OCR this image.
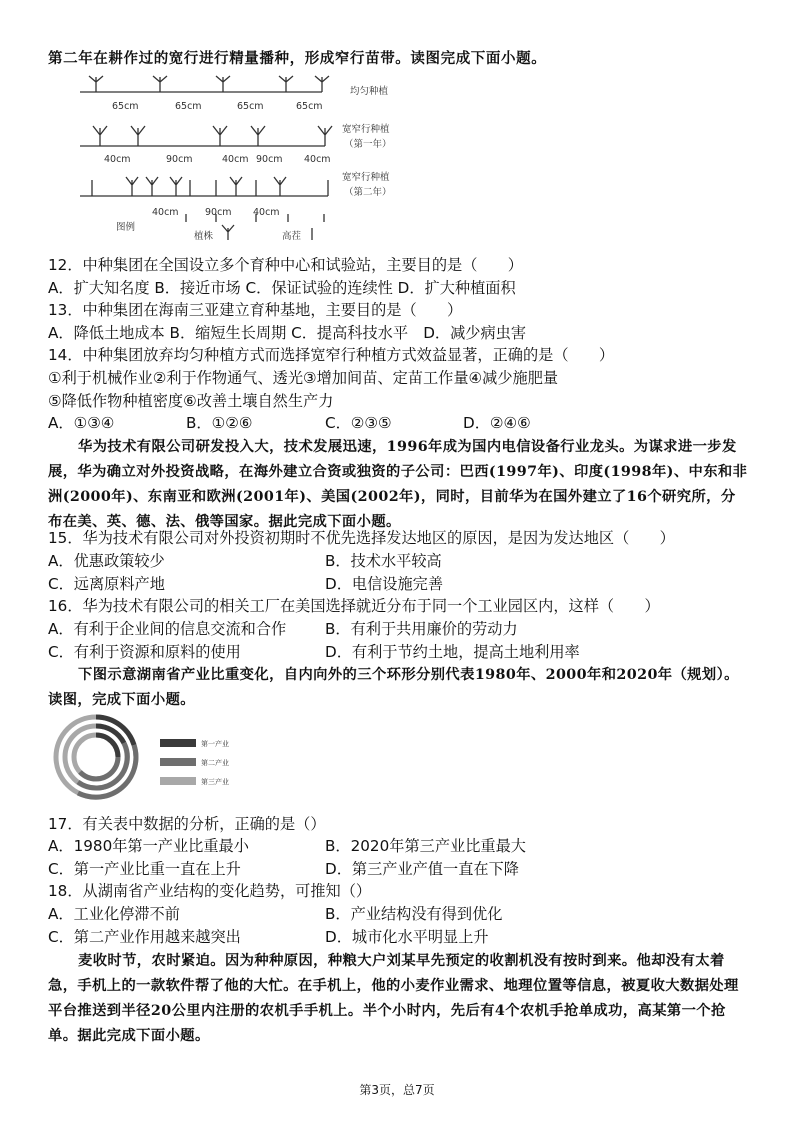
第二年在耕作过的宽行进行精量播种，形成窄行苗带。读图完成下面小题。
65cm	65cm	65cm	65cm
40cm	90cm	40cm 90cm 40cm
40cm	90cm 40cm
均匀种植
宽窄行种植
（第一年）
宽窄行种植
（第二年）
图例
植株	高茬
12．中种集团在全国设立多个育种中心和试验站，主要目的是（　　）
A．扩大知名度 B．接近市场 C．保证试验的连续性 D．扩大种植面积
13．中种集团在海南三亚建立育种基地，主要目的是（　　）
A．降低土地成本 B．缩短生长周期 C．提高科技水平　D．减少病虫害
14．中种集团放弃均匀种植方式而选择宽窄行种植方式效益显著，正确的是（　　）
①利于机械作业②利于作物通气、透光③增加间苗、定苗工作量④减少施肥量
⑤降低作物种植密度⑥改善土壤自然生产力
A．①③④	B．①②⑥	C．②③⑤	D．②④⑥
华为技术有限公司研发投入大，技术发展迅速，1996年成为国内电信设备行业龙头。为谋求进一步发展，华为确立对外投资战略，在海外建立合资或独资的子公司：巴西(1997年)、印度(1998年)、中东和非洲(2000年)、东南亚和欧洲(2001年)、美国(2002年)，同时，目前华为在国外建立了16个研究所，分布在美、英、德、法、俄等国家。据此完成下面小题。
15．华为技术有限公司对外投资初期时不优先选择发达地区的原因，是因为发达地区（　　）
A．优惠政策较少	B．技术水平较高
C．远离原料产地	D．电信设施完善
16．华为技术有限公司的相关工厂在美国选择就近分布于同一个工业园区内，这样（　　）
A．有利于企业间的信息交流和合作	B．有利于共用廉价的劳动力
C．有利于资源和原料的使用	D．有利于节约土地，提高土地利用率
下图示意湖南省产业比重变化，自内向外的三个环形分别代表1980年、2000年和2020年（规划）。读图，完成下面小题。
第一产业
第二产业
第三产业
17．有关表中数据的分析，正确的是（）
A．1980年第一产业比重最小	B．2020年第三产业比重最大
C．第一产业比重一直在上升	D．第三产业产值一直在下降
18．从湖南省产业结构的变化趋势，可推知（）
A．工业化停滞不前	B．产业结构没有得到优化
C．第二产业作用越来越突出	D．城市化水平明显上升
麦收时节，农时紧迫。因为种种原因，种粮大户刘某早先预定的收割机没有按时到来。他却没有太着急，手机上的一款软件帮了他的大忙。在手机上，他的小麦作业需求、地理位置等信息，被夏收大数据处理平台推送到半径20公里内注册的农机手手机上。半个小时内，先后有4个农机手抢单成功，高某第一个抢单。据此完成下面小题。
第3页，总7页
